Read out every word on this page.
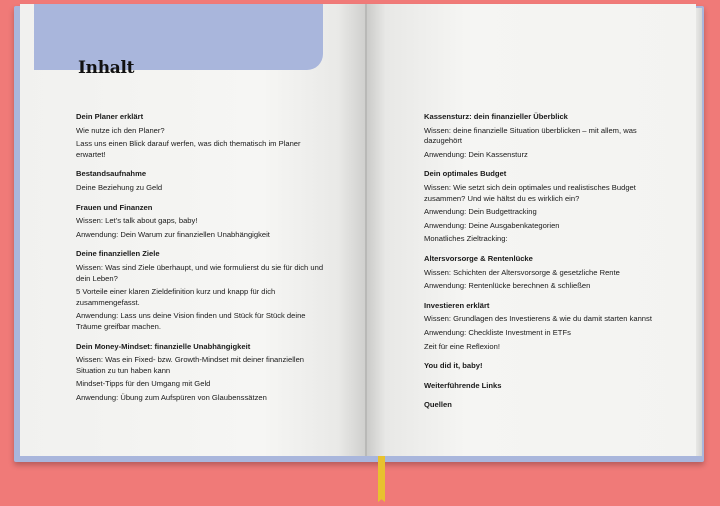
Inhalt
Dein Planer erklärt
Wie nutze ich den Planer?
Lass uns einen Blick darauf werfen, was dich thematisch im Planer erwartet!
Bestandsaufnahme
Deine Beziehung zu Geld
Frauen und Finanzen
Wissen: Let’s talk about gaps, baby!
Anwendung: Dein Warum zur finanziellen Unabhängigkeit
Deine finanziellen Ziele
Wissen: Was sind Ziele überhaupt, und wie formulierst du sie für dich und dein Leben?
5 Vorteile einer klaren Zieldefinition kurz und knapp für dich zusammengefasst.
Anwendung: Lass uns deine Vision finden und Stück für Stück deine Träume greifbar machen.
Dein Money-Mindset: finanzielle Unabhängigkeit
Wissen: Was ein Fixed- bzw. Growth-Mindset mit deiner finanziellen Situation zu tun haben kann
Mindset-Tipps für den Umgang mit Geld
Anwendung: Übung zum Aufspüren von Glaubenssätzen
Kassensturz: dein finanzieller Überblick
Wissen: deine finanzielle Situation überblicken – mit allem, was dazugehört
Anwendung: Dein Kassensturz
Dein optimales Budget
Wissen: Wie setzt sich dein optimales und realistisches Budget zusammen? Und wie hältst du es wirklich ein?
Anwendung: Dein Budgettracking
Anwendung: Deine Ausgabenkategorien
Monatliches Zieltracking:
Altersvorsorge & Rentenlücke
Wissen: Schichten der Altersvorsorge & gesetzliche Rente
Anwendung: Rentenlücke berechnen & schließen
Investieren erklärt
Wissen: Grundlagen des Investierens & wie du damit starten kannst
Anwendung: Checkliste Investment in ETFs
Zeit für eine Reflexion!
You did it, baby!
Weiterführende Links
Quellen
